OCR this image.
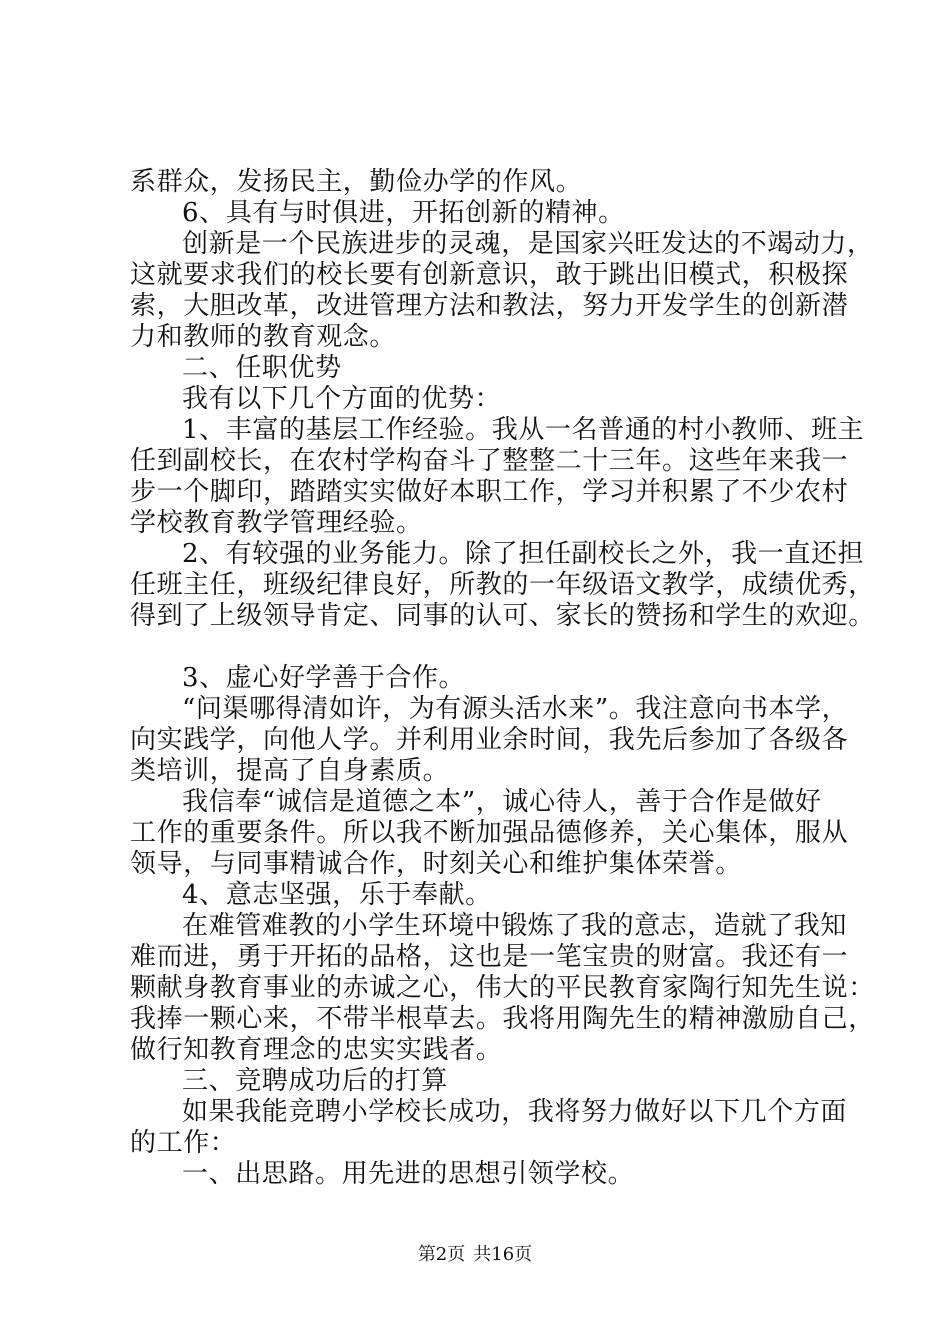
系群众，发扬民主，勤俭办学的作风。
6、具有与时俱进，开拓创新的精神。
创新是一个民族进步的灵魂，是国家兴旺发达的不竭动力，
这就要求我们的校长要有创新意识，敢于跳出旧模式，积极探
索，大胆改革，改进管理方法和教法，努力开发学生的创新潜
力和教师的教育观念。
二、任职优势
我有以下几个方面的优势：
1、丰富的基层工作经验。我从一名普通的村小教师、班主
任到副校长，在农村学构奋斗了整整二十三年。这些年来我一
步一个脚印，踏踏实实做好本职工作，学习并积累了不少农村
学校教育教学管理经验。
2、有较强的业务能力。除了担任副校长之外，我一直还担
任班主任，班级纪律良好，所教的一年级语文教学，成绩优秀，
得到了上级领导肯定、同事的认可、家长的赞扬和学生的欢迎。
3、虚心好学善于合作。
“问渠哪得清如许，为有源头活水来”。我注意向书本学，
向实践学，向他人学。并利用业余时间，我先后参加了各级各
类培训，提高了自身素质。
我信奉“诚信是道德之本”，诚心待人，善于合作是做好
工作的重要条件。所以我不断加强品德修养，关心集体，服从
领导，与同事精诚合作，时刻关心和维护集体荣誉。
4、意志坚强，乐于奉献。
在难管难教的小学生环境中锻炼了我的意志，造就了我知
难而进，勇于开拓的品格，这也是一笔宝贵的财富。我还有一
颗献身教育事业的赤诚之心，伟大的平民教育家陶行知先生说：
我捧一颗心来，不带半根草去。我将用陶先生的精神激励自己，
做行知教育理念的忠实实践者。
三、竞聘成功后的打算
如果我能竞聘小学校长成功，我将努力做好以下几个方面
的工作：
一、出思路。用先进的思想引领学校。
第2页 共16页
